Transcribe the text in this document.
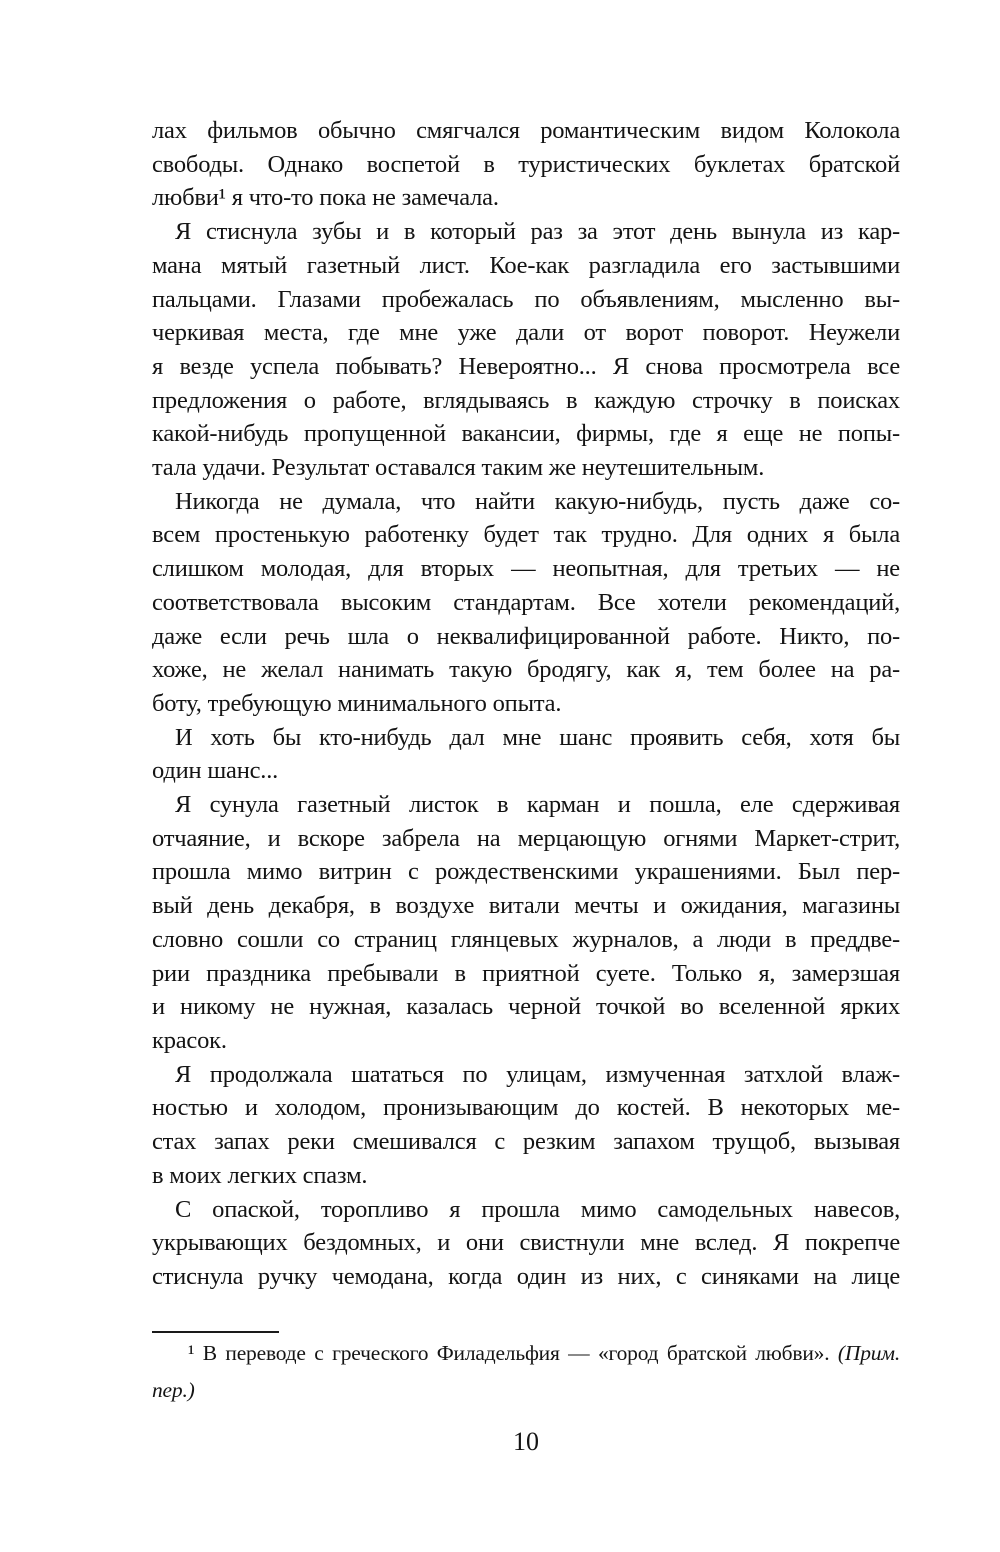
лах фильмов обычно смягчался романтическим видом Колокола
свободы. Однако воспетой в туристических буклетах братской
любви¹ я что-то пока не замечала.
Я стиснула зубы и в который раз за этот день вынула из кар-
мана мятый газетный лист. Кое-как разгладила его застывшими
пальцами. Глазами пробежалась по объявлениям, мысленно вы-
черкивая места, где мне уже дали от ворот поворот. Неужели
я везде успела побывать? Невероятно... Я снова просмотрела все
предложения о работе, вглядываясь в каждую строчку в поисках
какой-нибудь пропущенной вакансии, фирмы, где я еще не попы-
тала удачи. Результат оставался таким же неутешительным.
Никогда не думала, что найти какую-нибудь, пусть даже со-
всем простенькую работенку будет так трудно. Для одних я была
слишком молодая, для вторых — неопытная, для третьих — не
соответствовала высоким стандартам. Все хотели рекомендаций,
даже если речь шла о неквалифицированной работе. Никто, по-
хоже, не желал нанимать такую бродягу, как я, тем более на ра-
боту, требующую минимального опыта.
И хоть бы кто-нибудь дал мне шанс проявить себя, хотя бы
один шанс...
Я сунула газетный листок в карман и пошла, еле сдерживая
отчаяние, и вскоре забрела на мерцающую огнями Маркет-стрит,
прошла мимо витрин с рождественскими украшениями. Был пер-
вый день декабря, в воздухе витали мечты и ожидания, магазины
словно сошли со страниц глянцевых журналов, а люди в преддве-
рии праздника пребывали в приятной суете. Только я, замерзшая
и никому не нужная, казалась черной точкой во вселенной ярких
красок.
Я продолжала шататься по улицам, измученная затхлой влаж-
ностью и холодом, пронизывающим до костей. В некоторых ме-
стах запах реки смешивался с резким запахом трущоб, вызывая
в моих легких спазм.
С опаской, торопливо я прошла мимо самодельных навесов,
укрывающих бездомных, и они свистнули мне вслед. Я покрепче
стиснула ручку чемодана, когда один из них, с синяками на лице
¹ В переводе с греческого Филадельфия — «город братской любви». (Прим.
пер.)
10
